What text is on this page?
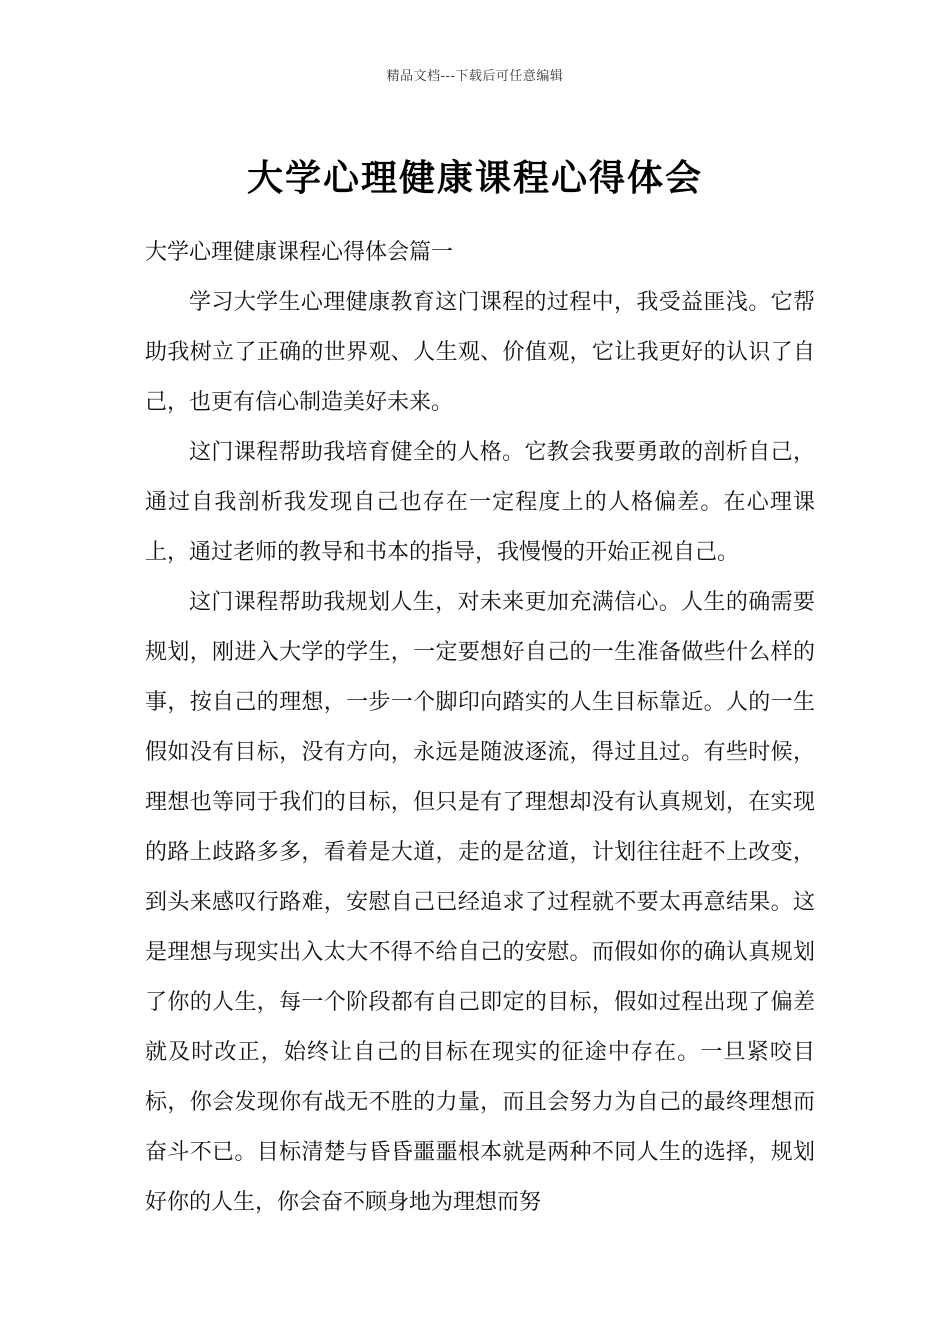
精品文档---下载后可任意编辑
大学心理健康课程心得体会
大学心理健康课程心得体会篇一

学习大学生心理健康教育这门课程的过程中，我受益匪浅。它帮助我树立了正确的世界观、人生观、价值观，它让我更好的认识了自己，也更有信心制造美好未来。

这门课程帮助我培育健全的人格。它教会我要勇敢的剖析自己，通过自我剖析我发现自己也存在一定程度上的人格偏差。在心理课上，通过老师的教导和书本的指导，我慢慢的开始正视自己。

这门课程帮助我规划人生，对未来更加充满信心。人生的确需要规划，刚进入大学的学生，一定要想好自己的一生准备做些什么样的事，按自己的理想，一步一个脚印向踏实的人生目标靠近。人的一生假如没有目标，没有方向，永远是随波逐流，得过且过。有些时候，理想也等同于我们的目标，但只是有了理想却没有认真规划，在实现的路上歧路多多，看着是大道，走的是岔道，计划往往赶不上改变，到头来感叹行路难，安慰自己已经追求了过程就不要太再意结果。这是理想与现实出入太大不得不给自己的安慰。而假如你的确认真规划了你的人生，每一个阶段都有自己即定的目标，假如过程出现了偏差就及时改正，始终让自己的目标在现实的征途中存在。一旦紧咬目标，你会发现你有战无不胜的力量，而且会努力为自己的最终理想而奋斗不已。目标清楚与昏昏噩噩根本就是两种不同人生的选择，规划好你的人生，你会奋不顾身地为理想而努
